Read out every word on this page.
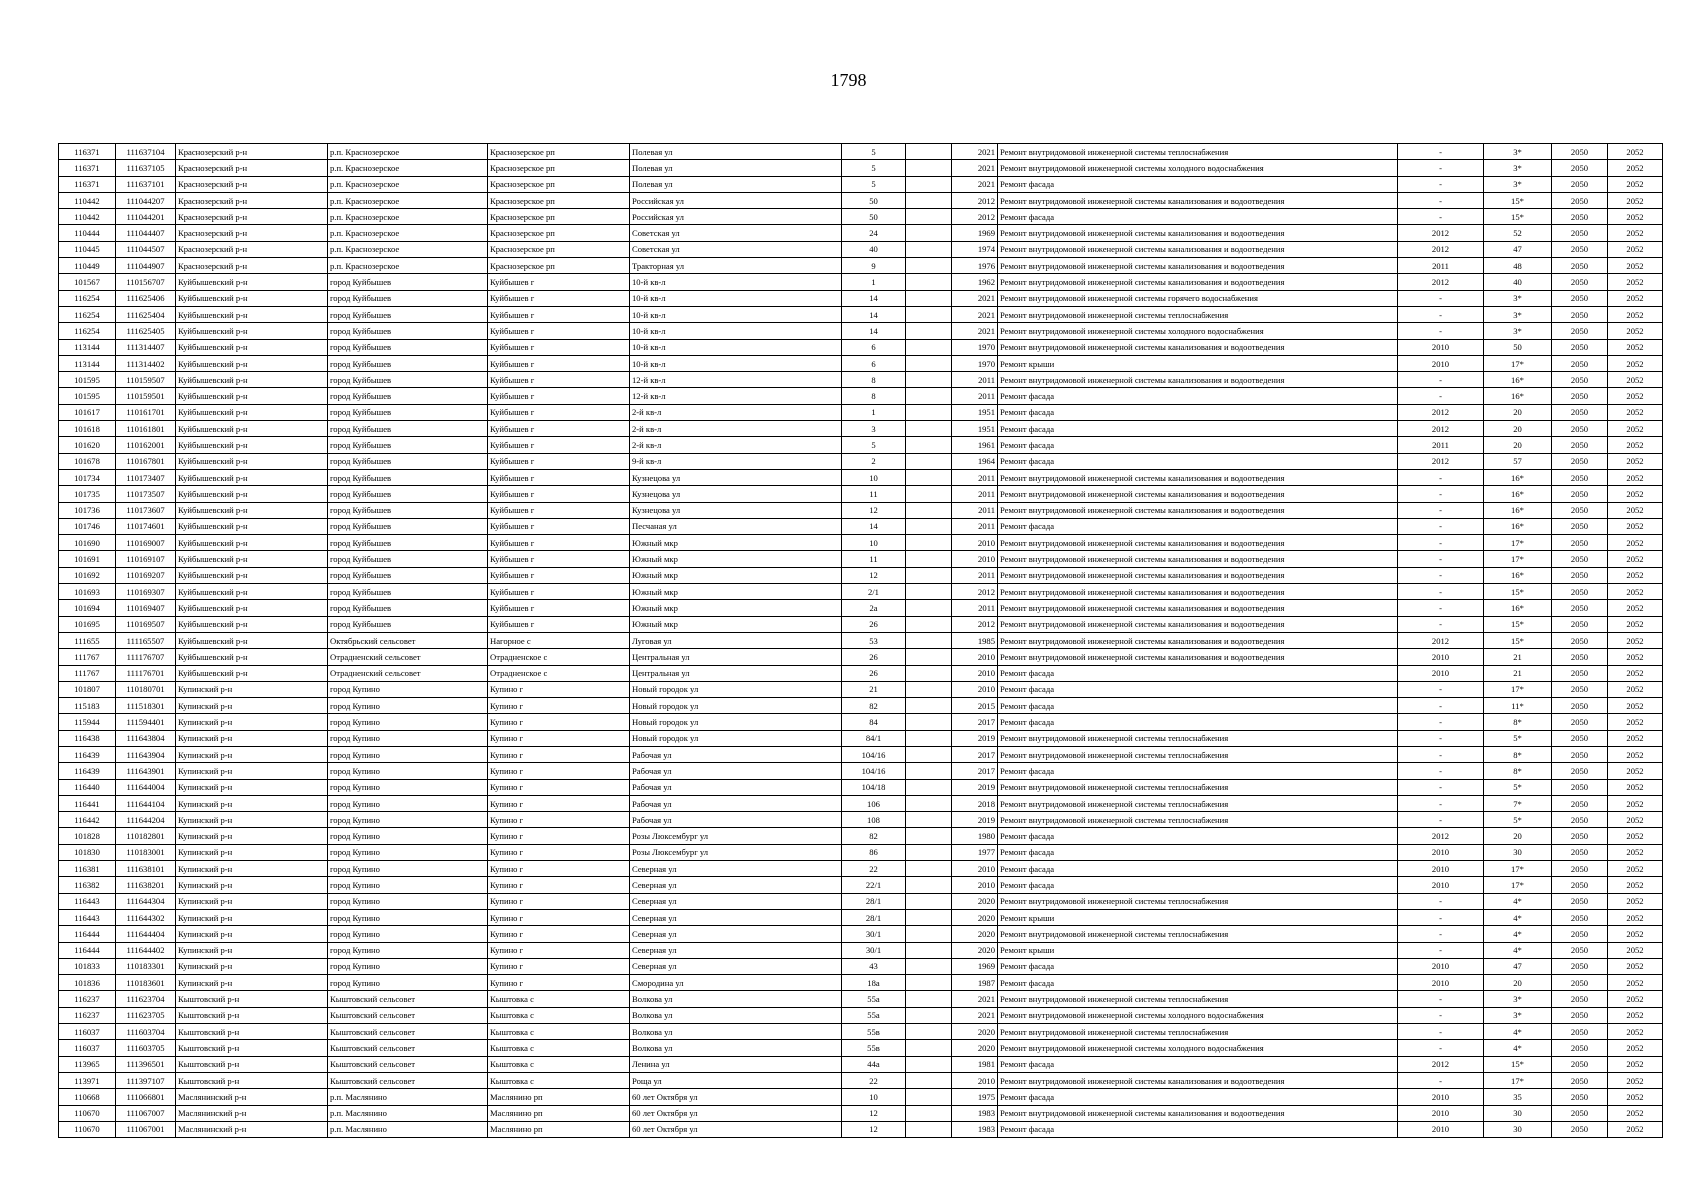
1798
116371	111637104	Краснозерский р-н	р.п. Краснозерское	Краснозерское рп	Полевая ул	5		2021	Ремонт внутридомовой инженерной системы теплоснабжения	-	3*	2050	2052
116371	111637105	Краснозерский р-н	р.п. Краснозерское	Краснозерское рп	Полевая ул	5		2021	Ремонт внутридомовой инженерной системы холодного водоснабжения	-	3*	2050	2052
116371	111637101	Краснозерский р-н	р.п. Краснозерское	Краснозерское рп	Полевая ул	5		2021	Ремонт фасада	-	3*	2050	2052
110442	111044207	Краснозерский р-н	р.п. Краснозерское	Краснозерское рп	Российская ул	50		2012	Ремонт внутридомовой инженерной системы канализования и водоотведения	-	15*	2050	2052
110442	111044201	Краснозерский р-н	р.п. Краснозерское	Краснозерское рп	Российская ул	50		2012	Ремонт фасада	-	15*	2050	2052
110444	111044407	Краснозерский р-н	р.п. Краснозерское	Краснозерское рп	Советская ул	24		1969	Ремонт внутридомовой инженерной системы канализования и водоотведения	2012	52	2050	2052
110445	111044507	Краснозерский р-н	р.п. Краснозерское	Краснозерское рп	Советская ул	40		1974	Ремонт внутридомовой инженерной системы канализования и водоотведения	2012	47	2050	2052
110449	111044907	Краснозерский р-н	р.п. Краснозерское	Краснозерское рп	Тракторная ул	9		1976	Ремонт внутридомовой инженерной системы канализования и водоотведения	2011	48	2050	2052
101567	110156707	Куйбышевский р-н	город Куйбышев	Куйбышев г	10-й кв-л	1		1962	Ремонт внутридомовой инженерной системы канализования и водоотведения	2012	40	2050	2052
116254	111625406	Куйбышевский р-н	город Куйбышев	Куйбышев г	10-й кв-л	14		2021	Ремонт внутридомовой инженерной системы горячего водоснабжения	-	3*	2050	2052
116254	111625404	Куйбышевский р-н	город Куйбышев	Куйбышев г	10-й кв-л	14		2021	Ремонт внутридомовой инженерной системы теплоснабжения	-	3*	2050	2052
116254	111625405	Куйбышевский р-н	город Куйбышев	Куйбышев г	10-й кв-л	14		2021	Ремонт внутридомовой инженерной системы холодного водоснабжения	-	3*	2050	2052
113144	111314407	Куйбышевский р-н	город Куйбышев	Куйбышев г	10-й кв-л	6		1970	Ремонт внутридомовой инженерной системы канализования и водоотведения	2010	50	2050	2052
113144	111314402	Куйбышевский р-н	город Куйбышев	Куйбышев г	10-й кв-л	6		1970	Ремонт крыши	2010	17*	2050	2052
101595	110159507	Куйбышевский р-н	город Куйбышев	Куйбышев г	12-й кв-л	8		2011	Ремонт внутридомовой инженерной системы канализования и водоотведения	-	16*	2050	2052
101595	110159501	Куйбышевский р-н	город Куйбышев	Куйбышев г	12-й кв-л	8		2011	Ремонт фасада	-	16*	2050	2052
101617	110161701	Куйбышевский р-н	город Куйбышев	Куйбышев г	2-й кв-л	1		1951	Ремонт фасада	2012	20	2050	2052
101618	110161801	Куйбышевский р-н	город Куйбышев	Куйбышев г	2-й кв-л	3		1951	Ремонт фасада	2012	20	2050	2052
101620	110162001	Куйбышевский р-н	город Куйбышев	Куйбышев г	2-й кв-л	5		1961	Ремонт фасада	2011	20	2050	2052
101678	110167801	Куйбышевский р-н	город Куйбышев	Куйбышев г	9-й кв-л	2		1964	Ремонт фасада	2012	57	2050	2052
101734	110173407	Куйбышевский р-н	город Куйбышев	Куйбышев г	Кузнецова ул	10		2011	Ремонт внутридомовой инженерной системы канализования и водоотведения	-	16*	2050	2052
101735	110173507	Куйбышевский р-н	город Куйбышев	Куйбышев г	Кузнецова ул	11		2011	Ремонт внутридомовой инженерной системы канализования и водоотведения	-	16*	2050	2052
101736	110173607	Куйбышевский р-н	город Куйбышев	Куйбышев г	Кузнецова ул	12		2011	Ремонт внутридомовой инженерной системы канализования и водоотведения	-	16*	2050	2052
101746	110174601	Куйбышевский р-н	город Куйбышев	Куйбышев г	Песчаная ул	14		2011	Ремонт фасада	-	16*	2050	2052
101690	110169007	Куйбышевский р-н	город Куйбышев	Куйбышев г	Южный мкр	10		2010	Ремонт внутридомовой инженерной системы канализования и водоотведения	-	17*	2050	2052
101691	110169107	Куйбышевский р-н	город Куйбышев	Куйбышев г	Южный мкр	11		2010	Ремонт внутридомовой инженерной системы канализования и водоотведения	-	17*	2050	2052
101692	110169207	Куйбышевский р-н	город Куйбышев	Куйбышев г	Южный мкр	12		2011	Ремонт внутридомовой инженерной системы канализования и водоотведения	-	16*	2050	2052
101693	110169307	Куйбышевский р-н	город Куйбышев	Куйбышев г	Южный мкр	2/1		2012	Ремонт внутридомовой инженерной системы канализования и водоотведения	-	15*	2050	2052
101694	110169407	Куйбышевский р-н	город Куйбышев	Куйбышев г	Южный мкр	2а		2011	Ремонт внутридомовой инженерной системы канализования и водоотведения	-	16*	2050	2052
101695	110169507	Куйбышевский р-н	город Куйбышев	Куйбышев г	Южный мкр	26		2012	Ремонт внутридомовой инженерной системы канализования и водоотведения	-	15*	2050	2052
111655	111165507	Куйбышевский р-н	Октябрьский сельсовет	Нагорное с	Луговая ул	53		1985	Ремонт внутридомовой инженерной системы канализования и водоотведения	2012	15*	2050	2052
111767	111176707	Куйбышевский р-н	Отрадненский сельсовет	Отрадненское с	Центральная ул	26		2010	Ремонт внутридомовой инженерной системы канализования и водоотведения	2010	21	2050	2052
111767	111176701	Куйбышевский р-н	Отрадненский сельсовет	Отрадненское с	Центральная ул	26		2010	Ремонт фасада	2010	21	2050	2052
101807	110180701	Купинский р-н	город Купино	Купино г	Новый городок ул	21		2010	Ремонт фасада	-	17*	2050	2052
115183	111518301	Купинский р-н	город Купино	Купино г	Новый городок ул	82		2015	Ремонт фасада	-	11*	2050	2052
115944	111594401	Купинский р-н	город Купино	Купино г	Новый городок ул	84		2017	Ремонт фасада	-	8*	2050	2052
116438	111643804	Купинский р-н	город Купино	Купино г	Новый городок ул	84/1		2019	Ремонт внутридомовой инженерной системы теплоснабжения	-	5*	2050	2052
116439	111643904	Купинский р-н	город Купино	Купино г	Рабочая ул	104/16		2017	Ремонт внутридомовой инженерной системы теплоснабжения	-	8*	2050	2052
116439	111643901	Купинский р-н	город Купино	Купино г	Рабочая ул	104/16		2017	Ремонт фасада	-	8*	2050	2052
116440	111644004	Купинский р-н	город Купино	Купино г	Рабочая ул	104/18		2019	Ремонт внутридомовой инженерной системы теплоснабжения	-	5*	2050	2052
116441	111644104	Купинский р-н	город Купино	Купино г	Рабочая ул	106		2018	Ремонт внутридомовой инженерной системы теплоснабжения	-	7*	2050	2052
116442	111644204	Купинский р-н	город Купино	Купино г	Рабочая ул	108		2019	Ремонт внутридомовой инженерной системы теплоснабжения	-	5*	2050	2052
101828	110182801	Купинский р-н	город Купино	Купино г	Розы Люксембург ул	82		1980	Ремонт фасада	2012	20	2050	2052
101830	110183001	Купинский р-н	город Купино	Купино г	Розы Люксембург ул	86		1977	Ремонт фасада	2010	30	2050	2052
116381	111638101	Купинский р-н	город Купино	Купино г	Северная ул	22		2010	Ремонт фасада	2010	17*	2050	2052
116382	111638201	Купинский р-н	город Купино	Купино г	Северная ул	22/1		2010	Ремонт фасада	2010	17*	2050	2052
116443	111644304	Купинский р-н	город Купино	Купино г	Северная ул	28/1		2020	Ремонт внутридомовой инженерной системы теплоснабжения	-	4*	2050	2052
116443	111644302	Купинский р-н	город Купино	Купино г	Северная ул	28/1		2020	Ремонт крыши	-	4*	2050	2052
116444	111644404	Купинский р-н	город Купино	Купино г	Северная ул	30/1		2020	Ремонт внутридомовой инженерной системы теплоснабжения	-	4*	2050	2052
116444	111644402	Купинский р-н	город Купино	Купино г	Северная ул	30/1		2020	Ремонт крыши	-	4*	2050	2052
101833	110183301	Купинский р-н	город Купино	Купино г	Северная ул	43		1969	Ремонт фасада	2010	47	2050	2052
101836	110183601	Купинский р-н	город Купино	Купино г	Смородина ул	18а		1987	Ремонт фасада	2010	20	2050	2052
116237	111623704	Кыштовский р-н	Кыштовский сельсовет	Кыштовка с	Волкова ул	55а		2021	Ремонт внутридомовой инженерной системы теплоснабжения	-	3*	2050	2052
116237	111623705	Кыштовский р-н	Кыштовский сельсовет	Кыштовка с	Волкова ул	55а		2021	Ремонт внутридомовой инженерной системы холодного водоснабжения	-	3*	2050	2052
116037	111603704	Кыштовский р-н	Кыштовский сельсовет	Кыштовка с	Волкова ул	55в		2020	Ремонт внутридомовой инженерной системы теплоснабжения	-	4*	2050	2052
116037	111603705	Кыштовский р-н	Кыштовский сельсовет	Кыштовка с	Волкова ул	55в		2020	Ремонт внутридомовой инженерной системы холодного водоснабжения	-	4*	2050	2052
113965	111396501	Кыштовский р-н	Кыштовский сельсовет	Кыштовка с	Ленина ул	44а		1981	Ремонт фасада	2012	15*	2050	2052
113971	111397107	Кыштовский р-н	Кыштовский сельсовет	Кыштовка с	Роща ул	22		2010	Ремонт внутридомовой инженерной системы канализования и водоотведения	-	17*	2050	2052
110668	111066801	Маслянинский р-н	р.п. Маслянино	Маслянино рп	60 лет Октября ул	10		1975	Ремонт фасада	2010	35	2050	2052
110670	111067007	Маслянинский р-н	р.п. Маслянино	Маслянино рп	60 лет Октября ул	12		1983	Ремонт внутридомовой инженерной системы канализования и водоотведения	2010	30	2050	2052
110670	111067001	Маслянинский р-н	р.п. Маслянино	Маслянино рп	60 лет Октября ул	12		1983	Ремонт фасада	2010	30	2050	2052
